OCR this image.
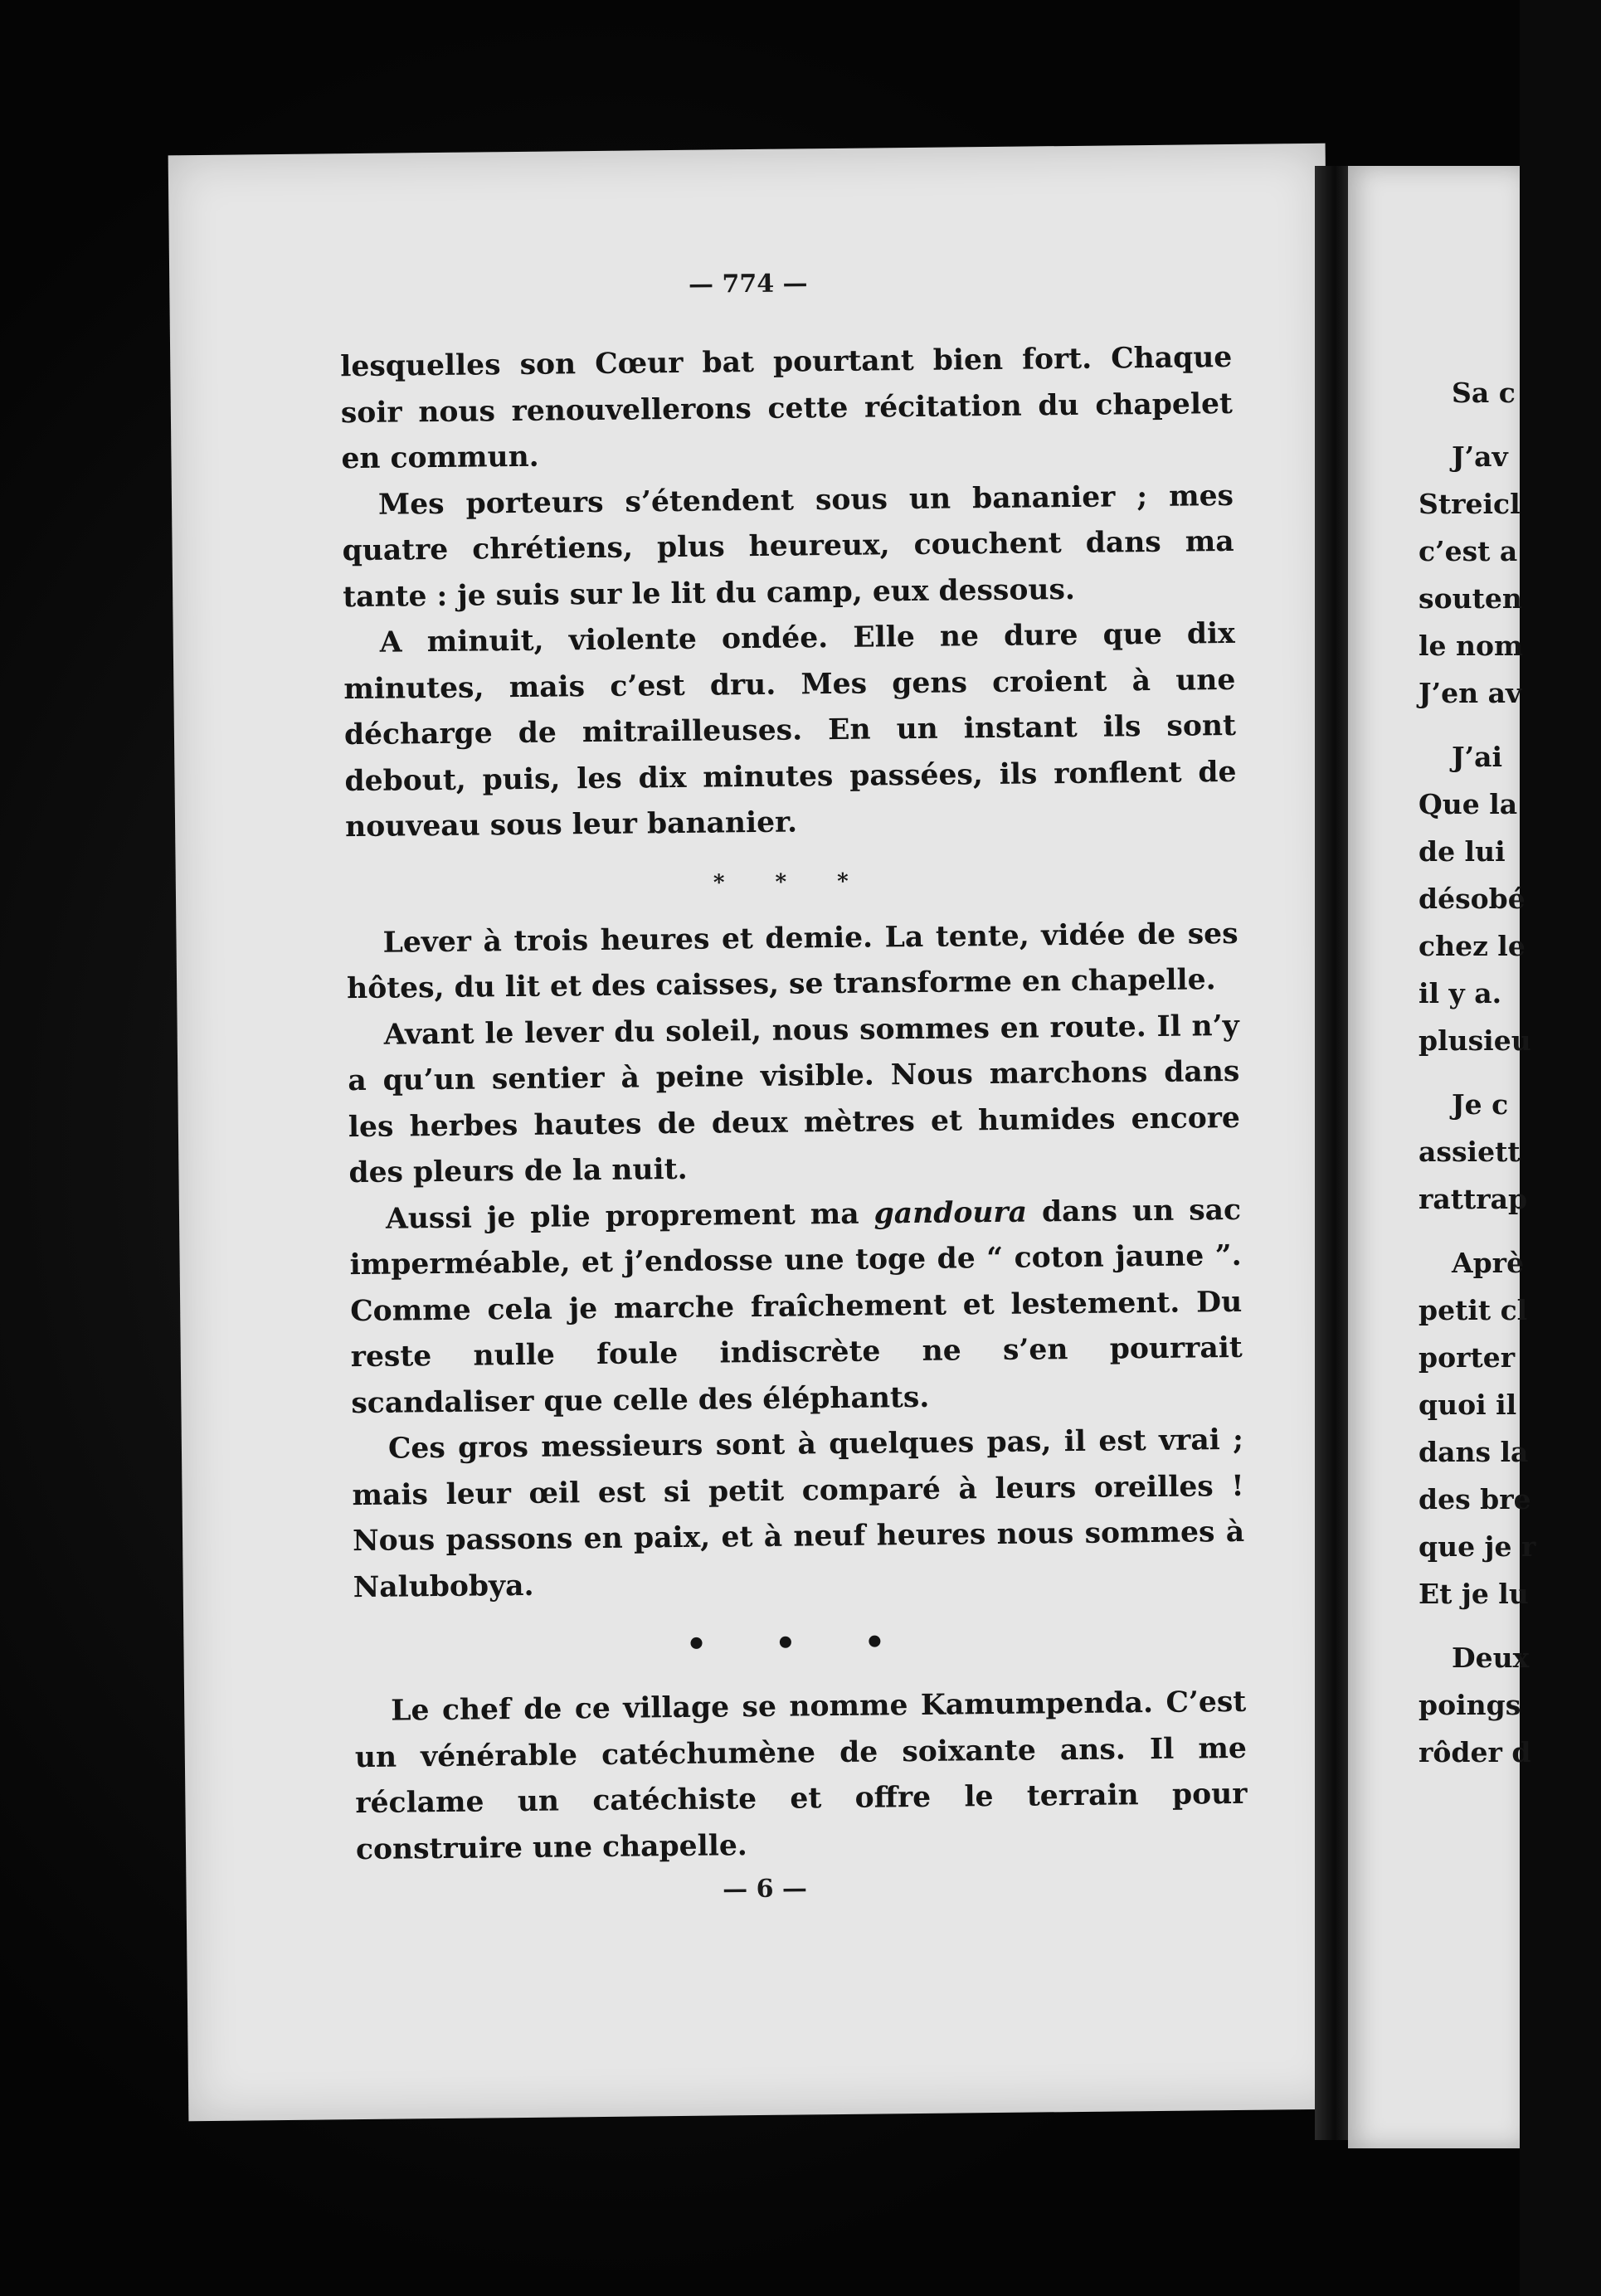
— 774 —

lesquelles son Cœur bat pourtant bien fort. Chaque soir nous renouvellerons cette récitation du chapelet en commun.

Mes porteurs s’étendent sous un bananier ; mes quatre chrétiens, plus heureux, couchent dans ma tante : je suis sur le lit du camp, eux dessous.

A minuit, violente ondée. Elle ne dure que dix minutes, mais c’est dru. Mes gens croient à une décharge de mitrailleuses. En un instant ils sont debout, puis, les dix minutes passées, ils ronflent de nouveau sous leur bananier.

* * *

Lever à trois heures et demie. La tente, vidée de ses hôtes, du lit et des caisses, se transforme en chapelle.

Avant le lever du soleil, nous sommes en route. Il n’y a qu’un sentier à peine visible. Nous marchons dans les herbes hautes de deux mètres et humides encore des pleurs de la nuit.

Aussi je plie proprement ma gandoura dans un sac imperméable, et j’endosse une toge de “ coton jaune ”. Comme cela je marche fraîchement et lestement. Du reste nulle foule indiscrète ne s’en pourrait scandaliser que celle des éléphants.

Ces gros messieurs sont à quelques pas, il est vrai ; mais leur œil est si petit comparé à leurs oreilles ! Nous passons en paix, et à neuf heures nous sommes à Nalubobya.

• • •

Le chef de ce village se nomme Kamumpenda. C’est un vénérable catéchumène de soixante ans. Il me réclame un catéchiste et offre le terrain pour construire une chapelle.

— 6 —
Sa c
J’av
Streicl
c’est a
souten
le nom
J’en av
J’ai
Que la
de lui
désobé
chez le
il y a.
plusieu
Je c
assiett
rattrap
Aprè
petit cl
porter
quoi il
dans la
des bre
que je r
Et je lu
Deux
poings
rôder d
